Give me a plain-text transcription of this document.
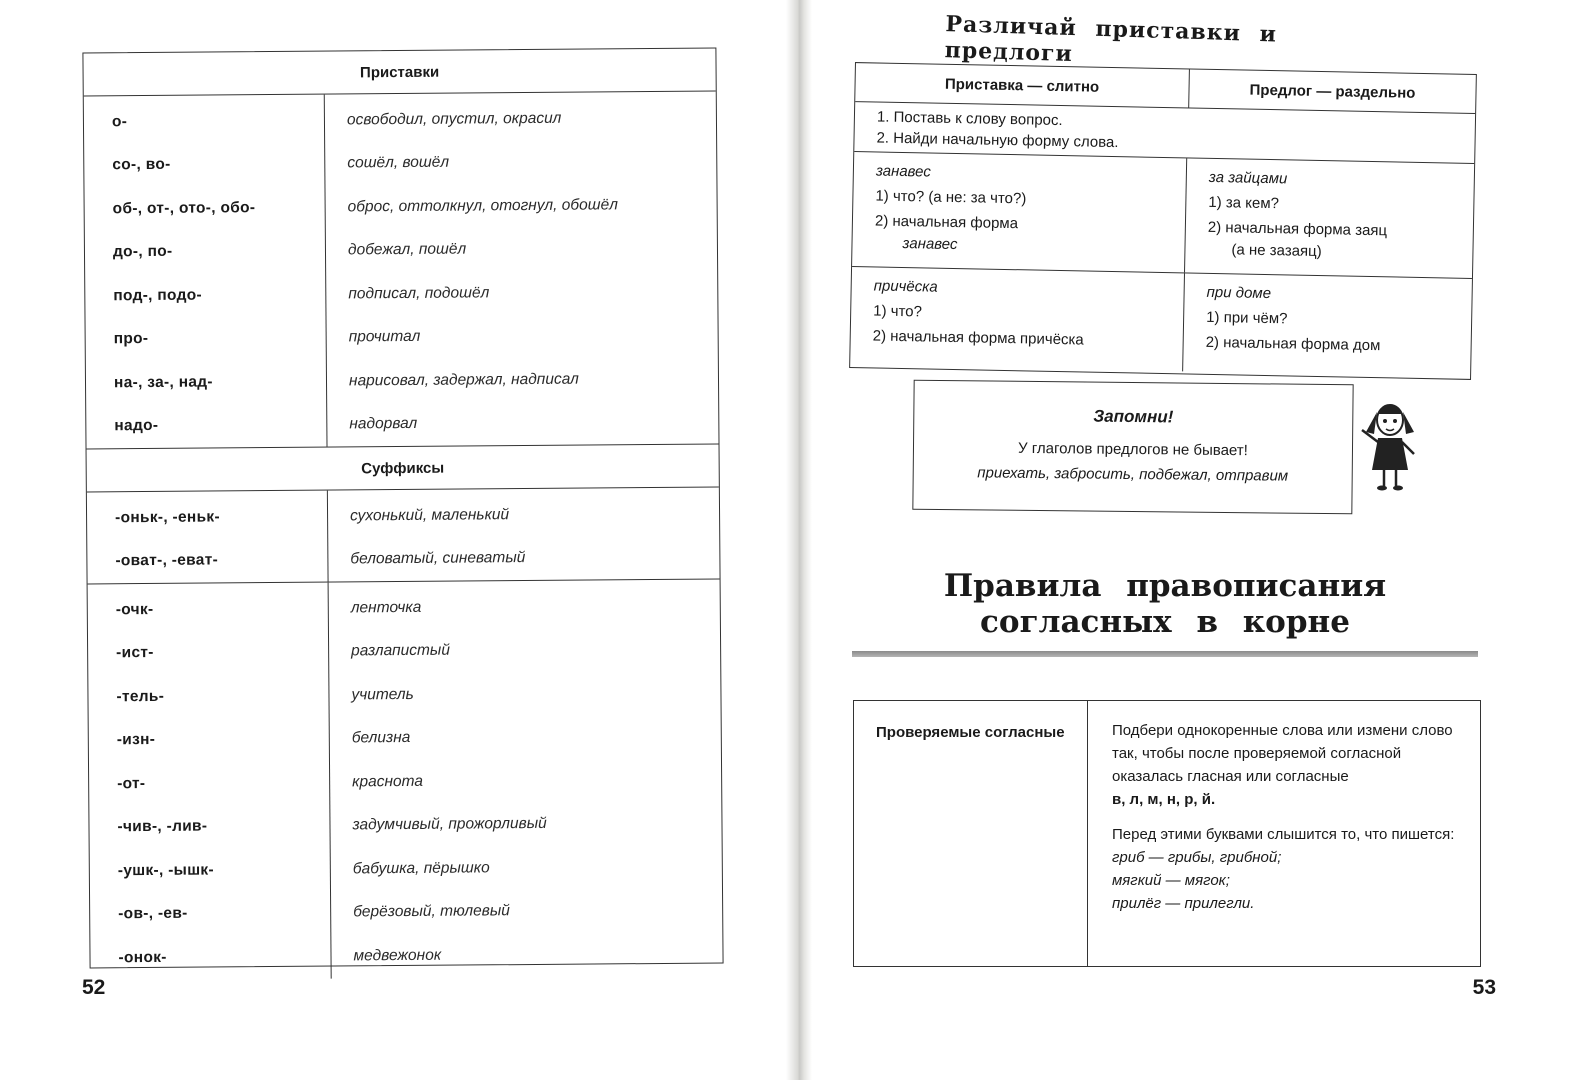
Приставки
о-
со-, во-
об-, от-, ото-, обо-
до-, по-
под-, подо-
про-
на-, за-, над-
надо-
освободил, опустил, окрасил
сошёл, вошёл
оброс, оттолкнул, отогнул, обошёл
добежал, пошёл
подписал, подошёл
прочитал
нарисовал, задержал, надписал
надорвал
Суффиксы
-оньк-, -еньк-
-оват-, -еват-
сухонький, маленький
беловатый, синеватый
-очк-
-ист-
-тель-
-изн-
-от-
-чив-, -лив-
-ушк-, -ышк-
-ов-, -ев-
-онок-
ленточка
разлапистый
учитель
белизна
краснота
задумчивый, прожорливый
бабушка, пёрышко
берёзовый, тюлевый
медвежонок
52
Различай приставки и предлоги
Приставка — слитно	Предлог — раздельно
1. Поставь к слову вопрос.
2. Найди начальную форму слова.
занавес
1) что? (а не: за что?)
2) начальная форма
занавес
за зайцами
1) за кем?
2) начальная форма заяц
(а не зазаяц)
причёска
1) что?
2) начальная форма причёска
при доме
1) при чём?
2) начальная форма дом
Запомни!
У глаголов предлогов не бывает!
приехать, забросить, подбежал, отправим
Правила правописания
согласных в корне
Проверяемые согласные	Подбери однокоренные слова или измени слово так, чтобы после проверяемой согласной оказалась гласная или согласные
в, л, м, н, р, й.
Перед этими буквами слышится то, что пишется:
гриб — грибы, грибной;
мягкий — мягок;
прилёг — прилегли.
53
